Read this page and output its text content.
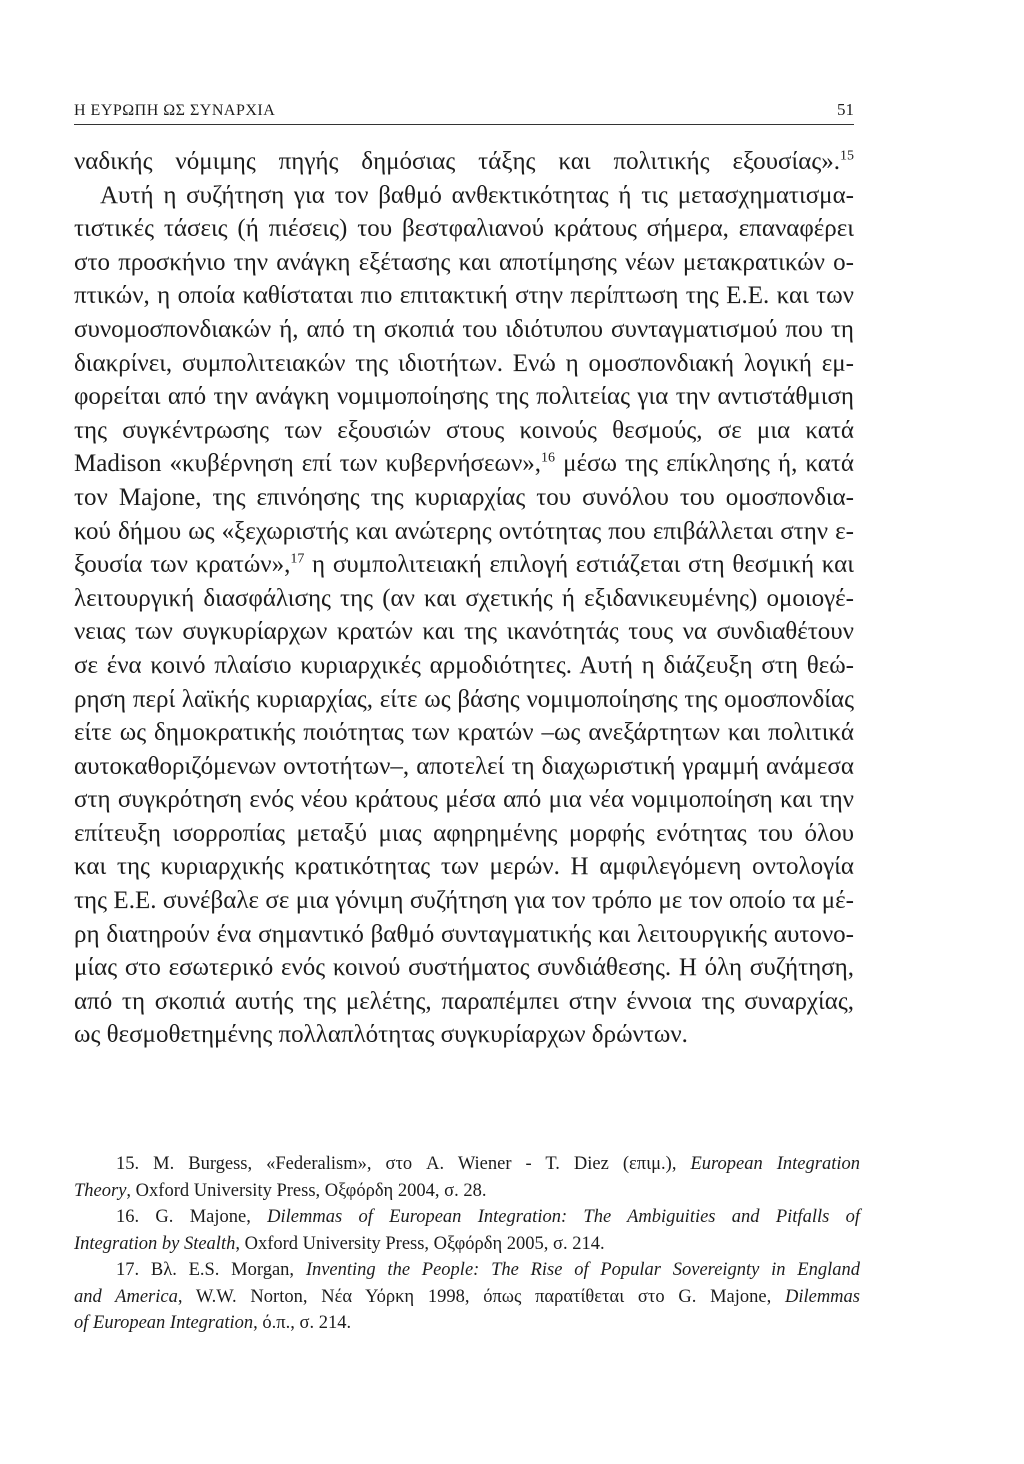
Η ΕΥΡΩΠΗ ΩΣ ΣΥΝΑΡΧΙΑ	51
ναδικής νόμιμης πηγής δημόσιας τάξης και πολιτικής εξουσίας».$^{15}$
Αυτή η συζήτηση για τον βαθμό ανθεκτικότητας ή τις μετασχηματισμα-
τιστικές τάσεις (ή πιέσεις) του βεστφαλιανού κράτους σήμερα, επαναφέρει
στο προσκήνιο την ανάγκη εξέτασης και αποτίμησης νέων μετακρατικών ο-
πτικών, η οποία καθίσταται πιο επιτακτική στην περίπτωση της Ε.Ε. και των
συνομοσπονδιακών ή, από τη σκοπιά του ιδιότυπου συνταγματισμού που τη
διακρίνει, συμπολιτειακών της ιδιοτήτων. Ενώ η ομοσπονδιακή λογική εμ-
φορείται από την ανάγκη νομιμοποίησης της πολιτείας για την αντιστάθμιση
της συγκέντρωσης των εξουσιών στους κοινούς θεσμούς, σε μια κατά
Madison «κυβέρνηση επί των κυβερνήσεων»,$^{16}$ μέσω της επίκλησης ή, κατά
τον Majone, της επινόησης της κυριαρχίας του συνόλου του ομοσπονδια-
κού δήμου ως «ξεχωριστής και ανώτερης οντότητας που επιβάλλεται στην ε-
ξουσία των κρατών»,$^{17}$ η συμπολιτειακή επιλογή εστιάζεται στη θεσμική και
λειτουργική διασφάλισης της (αν και σχετικής ή εξιδανικευμένης) ομοιογέ-
νειας των συγκυρίαρχων κρατών και της ικανότητάς τους να συνδιαθέτουν
σε ένα κοινό πλαίσιο κυριαρχικές αρμοδιότητες. Αυτή η διάζευξη στη θεώ-
ρηση περί λαϊκής κυριαρχίας, είτε ως βάσης νομιμοποίησης της ομοσπονδίας
είτε ως δημοκρατικής ποιότητας των κρατών –ως ανεξάρτητων και πολιτικά
αυτοκαθοριζόμενων οντοτήτων–, αποτελεί τη διαχωριστική γραμμή ανάμεσα
στη συγκρότηση ενός νέου κράτους μέσα από μια νέα νομιμοποίηση και την
επίτευξη ισορροπίας μεταξύ μιας αφηρημένης μορφής ενότητας του όλου
και της κυριαρχικής κρατικότητας των μερών. Η αμφιλεγόμενη οντολογία
της Ε.Ε. συνέβαλε σε μια γόνιμη συζήτηση για τον τρόπο με τον οποίο τα μέ-
ρη διατηρούν ένα σημαντικό βαθμό συνταγματικής και λειτουργικής αυτονο-
μίας στο εσωτερικό ενός κοινού συστήματος συνδιάθεσης. Η όλη συζήτηση,
από τη σκοπιά αυτής της μελέτης, παραπέμπει στην έννοια της συναρχίας,
ως θεσμοθετημένης πολλαπλότητας συγκυρίαρχων δρώντων.
15. M. Burgess, «Federalism», στο A. Wiener - T. Diez (επιμ.), European Integration
Theory, Oxford University Press, Οξφόρδη 2004, σ. 28.
16. G. Majone, Dilemmas of European Integration: The Ambiguities and Pitfalls of
Integration by Stealth, Oxford University Press, Οξφόρδη 2005, σ. 214.
17. Βλ. E.S. Morgan, Inventing the People: The Rise of Popular Sovereignty in England
and America, W.W. Norton, Νέα Υόρκη 1998, όπως παρατίθεται στο G. Majone, Dilemmas
of European Integration, ό.π., σ. 214.
